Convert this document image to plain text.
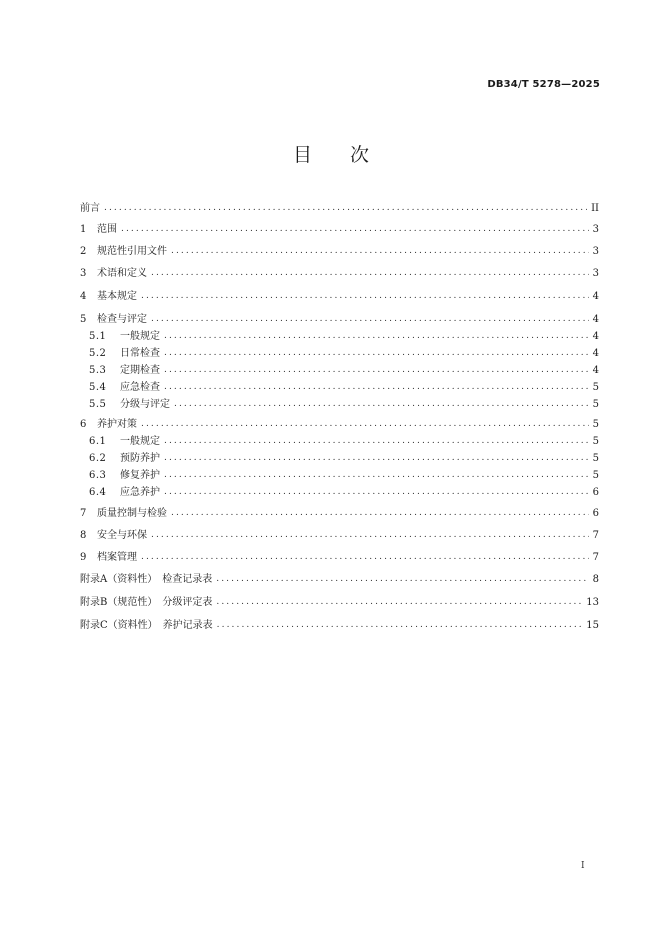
DB34/T 5278—2025
目 次
前言 .....	II
1	范围 .....	3
2	规范性引用文件 .....	3
3	术语和定义 .....	3
4	基本规定 .....	4
5	检查与评定 .....	4
5.1	一般规定 .....	4
5.2	日常检查 .....	4
5.3	定期检查 .....	4
5.4	应急检查 .....	5
5.5	分级与评定 .....	5
6	养护对策 .....	5
6.1	一般规定 .....	5
6.2	预防养护 .....	5
6.3	修复养护 .....	5
6.4	应急养护 .....	6
7	质量控制与检验 .....	6
8	安全与环保 .....	7
9	档案管理 .....	7
附录A（资料性）　检查记录表 .....	8
附录B（规范性）　分级评定表 .....	13
附录C（资料性）　养护记录表 .....	15
I
